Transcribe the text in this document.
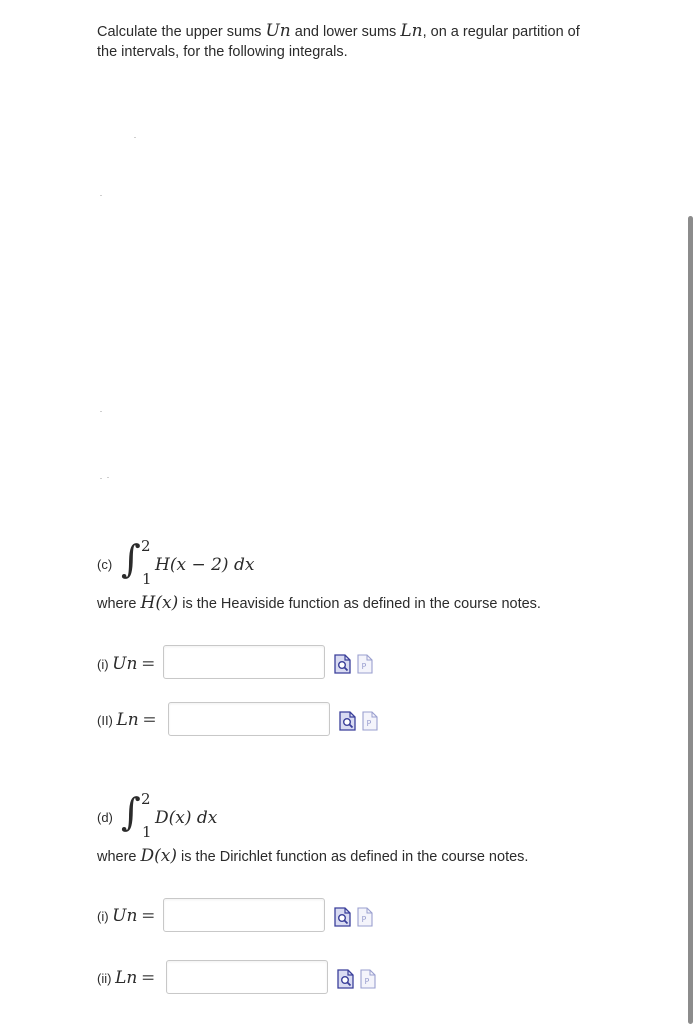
Calculate the upper sums Un and lower sums Ln, on a regular partition of the intervals, for the following integrals.
(c) ∫ 2
1
H(x − 2) dx
where H(x) is the Heaviside function as defined in the course notes.
(i) Un =	P
(II) Ln =	P
(d) ∫ 2
1
D(x) dx
where D(x) is the Dirichlet function as defined in the course notes.
(i) Un =	P
(ii) Ln =	P
